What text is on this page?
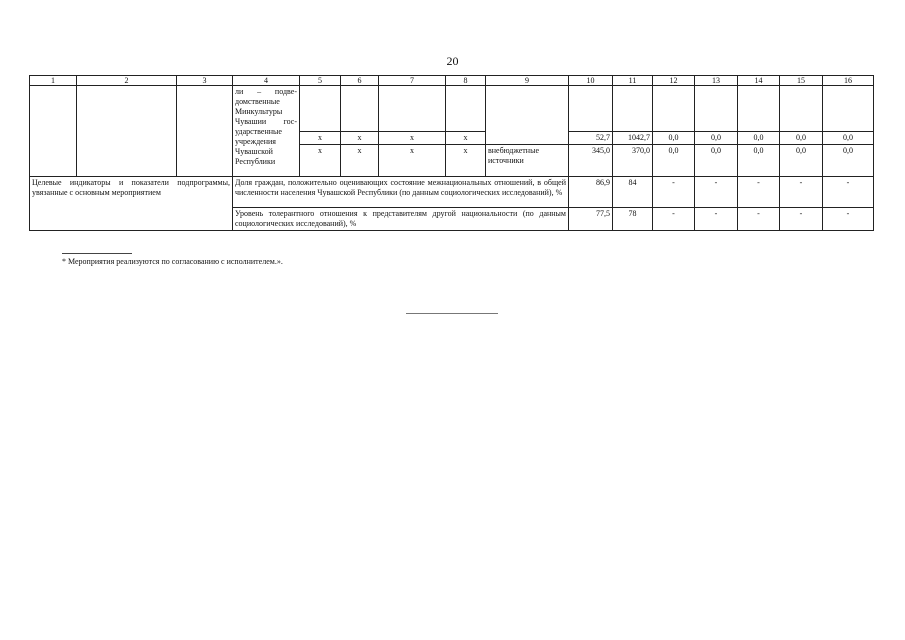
20
1	2	3	4	5	6	7	8	9	10	11	12	13	14	15	16
			ли – подве-домственные Минкультуры Чувашии гос-ударственные учреждения Чувашской Республики												
				х	х	х	х		52,7	1042,7	0,0	0,0	0,0	0,0	0,0
				х	х	х	х	внебюджетные источники	345,0	370,0	0,0	0,0	0,0	0,0	0,0
Целевые индикаторы и показатели подпрограммы, увязанные с основным мероприятием			Доля граждан, положительно оценивающих состояние межнациональных отношений, в общей численности населения Чувашской Республики (по данным социологических исследований), %						86,9	84	-	-	-	-	-
			Уровень толерантного отношения к представителям другой национальности (по данным социологических исследований), %						77,5	78	-	-	-	-	-
* Мероприятия реализуются по согласованию с исполнителем.».
